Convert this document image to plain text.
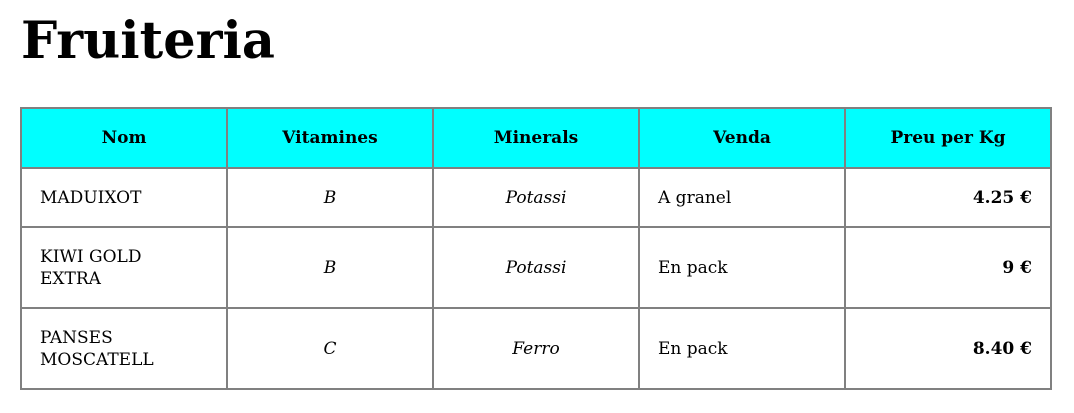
Fruiteria
Nom	Vitamines	Minerals	Venda	Preu per Kg
MADUIXOT	B	Potassi	A granel	4.25 €
KIWI GOLD EXTRA	B	Potassi	En pack	9 €
PANSES MOSCATELL	C	Ferro	En pack	8.40 €
